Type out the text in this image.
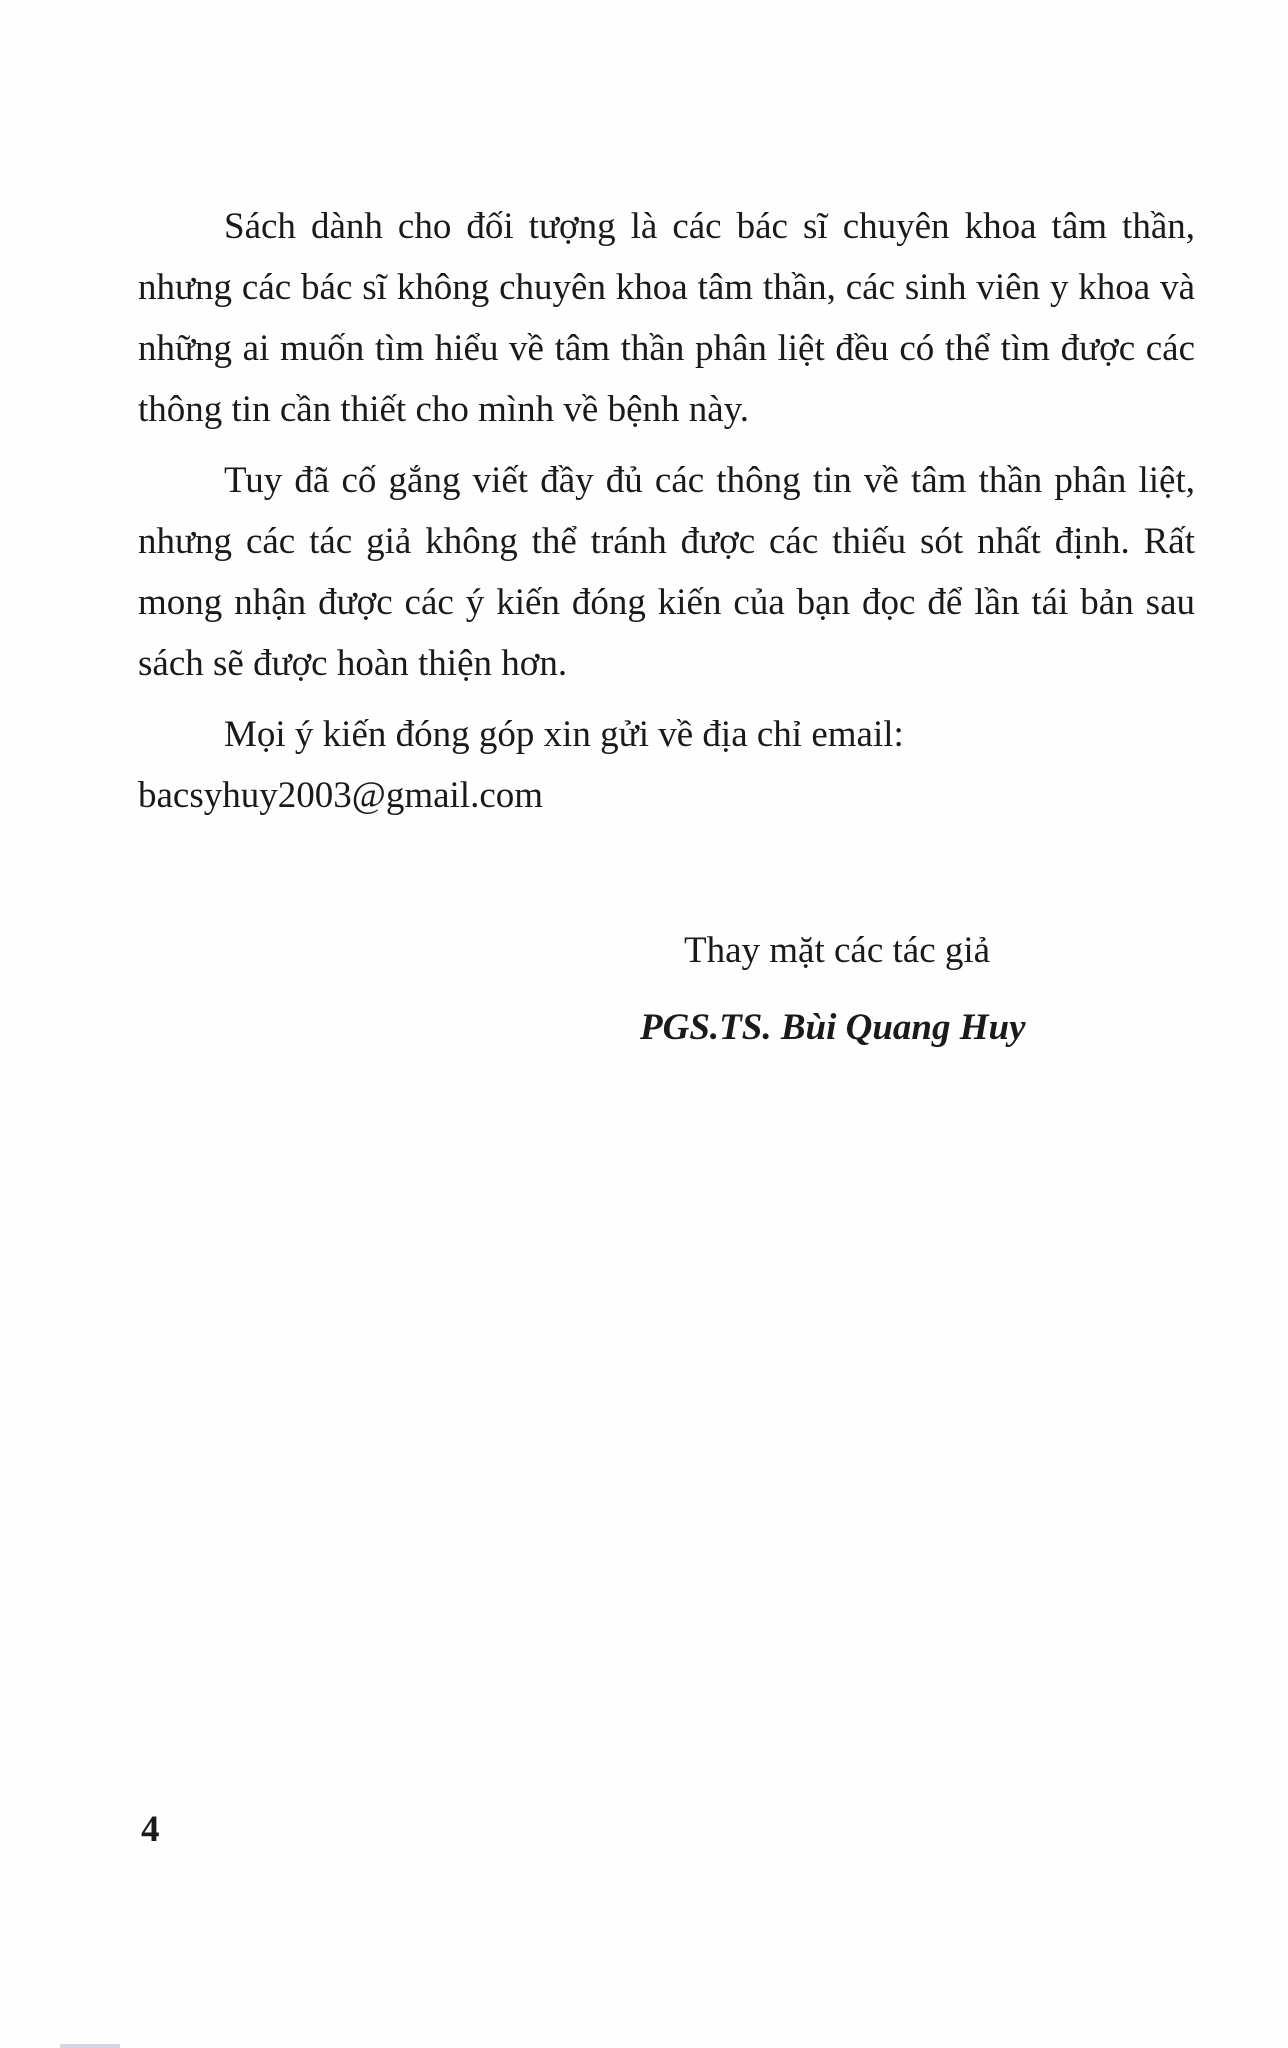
Sách dành cho đối tượng là các bác sĩ chuyên khoa tâm thần, nhưng các bác sĩ không chuyên khoa tâm thần, các sinh viên y khoa và những ai muốn tìm hiểu về tâm thần phân liệt đều có thể tìm được các thông tin cần thiết cho mình về bệnh này.

Tuy đã cố gắng viết đầy đủ các thông tin về tâm thần phân liệt, nhưng các tác giả không thể tránh được các thiếu sót nhất định. Rất mong nhận được các ý kiến đóng kiến của bạn đọc để lần tái bản sau sách sẽ được hoàn thiện hơn.

Mọi ý kiến đóng góp xin gửi về địa chỉ email: bacsyhuy2003@gmail.com

Thay mặt các tác giả
PGS.TS. Bùi Quang Huy
4
